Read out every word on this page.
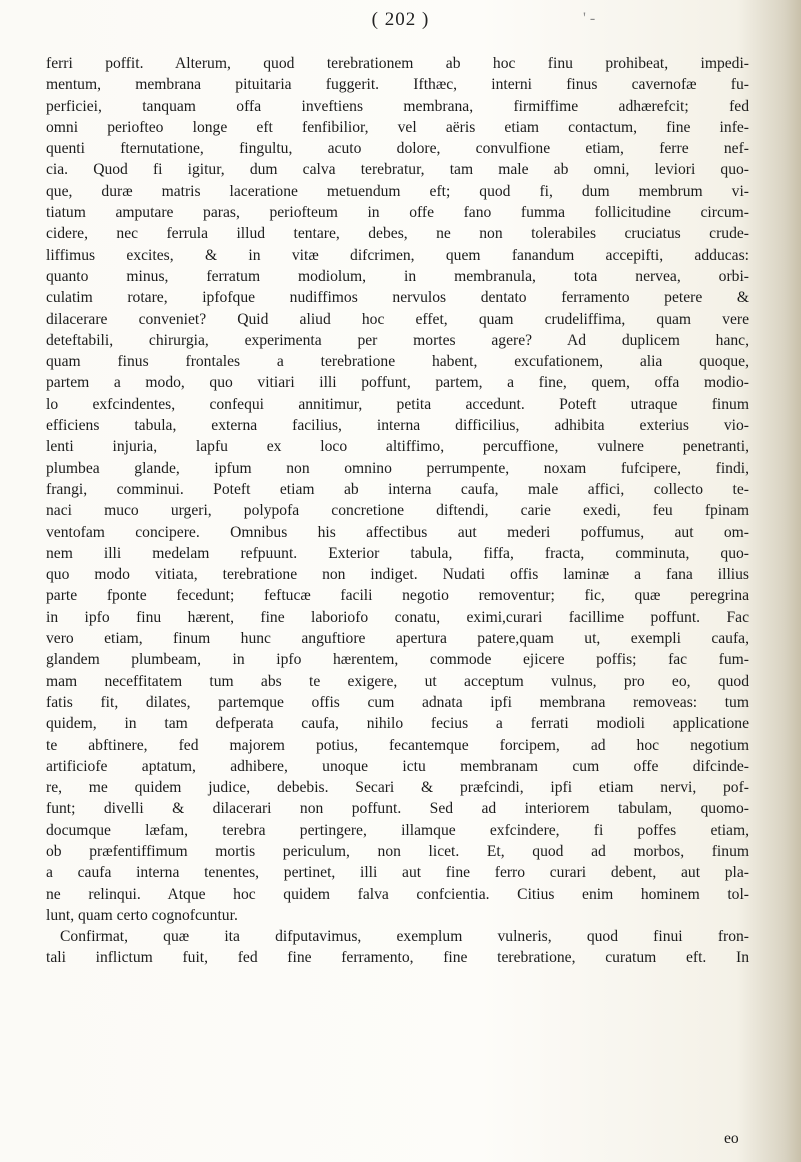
( 202 )	' -
ferri poffit. Alterum, quod terebrationem ab hoc finu prohibeat, impedi-
mentum, membrana pituitaria fuggerit. Ifthæc, interni finus cavernofæ fu-
perficiei, tanquam offa inveftiens membrana, firmiffime adhærefcit; fed
omni periofteo longe eft fenfibilior, vel aëris etiam contactum, fine infe-
quenti fternutatione, fingultu, acuto dolore, convulfione etiam, ferre nef-
cia. Quod fi igitur, dum calva terebratur, tam male ab omni, leviori quo-
que, duræ matris laceratione metuendum eft; quod fi, dum membrum vi-
tiatum amputare paras, periofteum in offe fano fumma follicitudine circum-
cidere, nec ferrula illud tentare, debes, ne non tolerabiles cruciatus crude-
liffimus excites, & in vitæ difcrimen, quem fanandum accepifti, adducas:
quanto minus, ferratum modiolum, in membranula, tota nervea, orbi-
culatim rotare, ipfofque nudiffimos nervulos dentato ferramento petere &
dilacerare conveniet? Quid aliud hoc effet, quam crudeliffima, quam vere
deteftabili, chirurgia, experimenta per mortes agere? Ad duplicem hanc,
quam finus frontales a terebratione habent, excufationem, alia quoque,
partem a modo, quo vitiari illi poffunt, partem, a fine, quem, offa modio-
lo exfcindentes, confequi annitimur, petita accedunt. Poteft utraque finum
efficiens tabula, externa facilius, interna difficilius, adhibita exterius vio-
lenti injuria, lapfu ex loco altiffimo, percuffione, vulnere penetranti,
plumbea glande, ipfum non omnino perrumpente, noxam fufcipere, findi,
frangi, comminui. Poteft etiam ab interna caufa, male affici, collecto te-
naci muco urgeri, polypofa concretione diftendi, carie exedi, feu fpinam
ventofam concipere. Omnibus his affectibus aut mederi poffumus, aut om-
nem illi medelam refpuunt. Exterior tabula, fiffa, fracta, comminuta, quo-
quo modo vitiata, terebratione non indiget. Nudati offis laminæ a fana illius
parte fponte fecedunt; feftucæ facili negotio removentur; fic, quæ peregrina
in ipfo finu hærent, fine laboriofo conatu, eximi,curari facillime poffunt. Fac
vero etiam, finum hunc anguftiore apertura patere,quam ut, exempli caufa,
glandem plumbeam, in ipfo hærentem, commode ejicere poffis; fac fum-
mam neceffitatem tum abs te exigere, ut acceptum vulnus, pro eo, quod
fatis fit, dilates, partemque offis cum adnata ipfi membrana removeas: tum
quidem, in tam defperata caufa, nihilo fecius a ferrati modioli applicatione
te abftinere, fed majorem potius, fecantemque forcipem, ad hoc negotium
artificiofe aptatum, adhibere, unoque ictu membranam cum offe difcinde-
re, me quidem judice, debebis. Secari & præfcindi, ipfi etiam nervi, pof-
funt; divelli & dilacerari non poffunt. Sed ad interiorem tabulam, quomo-
documque læfam, terebra pertingere, illamque exfcindere, fi poffes etiam,
ob præfentiffimum mortis periculum, non licet. Et, quod ad morbos, finum
a caufa interna tenentes, pertinet, illi aut fine ferro curari debent, aut pla-
ne relinqui. Atque hoc quidem falva confcientia. Citius enim hominem tol-
lunt, quam certo cognofcuntur.
Confirmat, quæ ita difputavimus, exemplum vulneris, quod finui fron-
tali inflictum fuit, fed fine ferramento, fine terebratione, curatum eft. In
eo
